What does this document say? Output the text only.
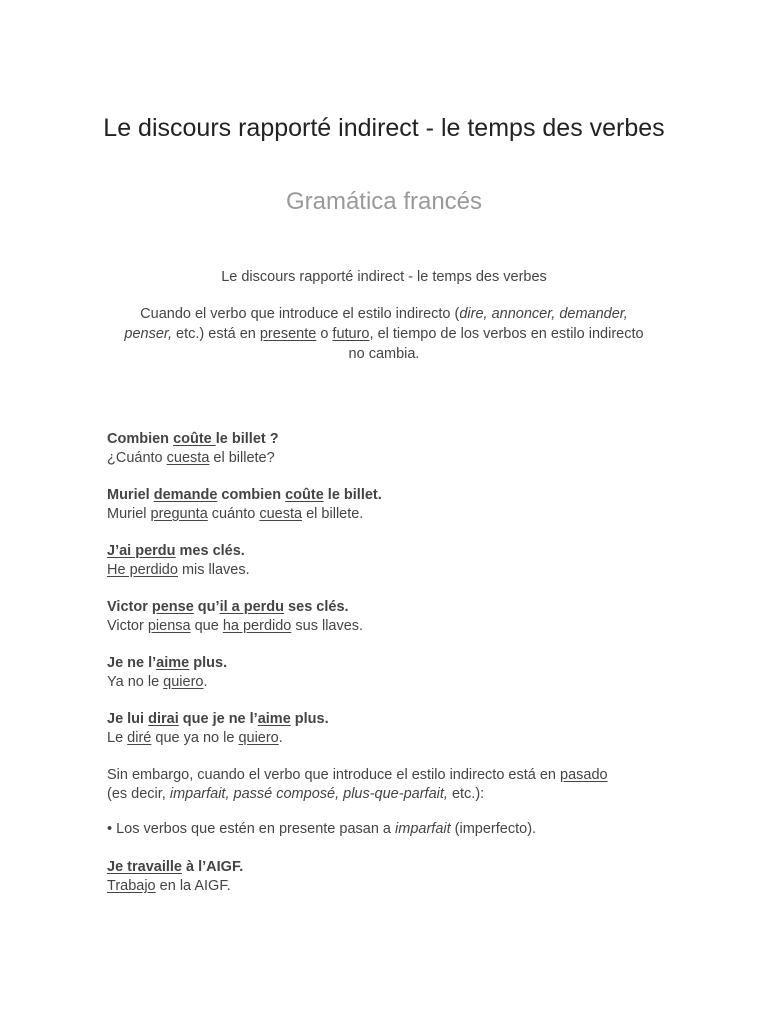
Le discours rapporté indirect - le temps des verbes
Gramática francés
Le discours rapporté indirect - le temps des verbes
Cuando el verbo que introduce el estilo indirecto (dire, annoncer, demander, penser, etc.) está en presente o futuro, el tiempo de los verbos en estilo indirecto no cambia.
Combien coûte le billet ?
¿Cuánto cuesta el billete?
Muriel demande combien coûte le billet.
Muriel pregunta cuánto cuesta el billete.
J’ai perdu mes clés.
He perdido mis llaves.
Victor pense qu’il a perdu ses clés.
Victor piensa que ha perdido sus llaves.
Je ne l’aime plus.
Ya no le quiero.
Je lui dirai que je ne l’aime plus.
Le diré que ya no le quiero.
Sin embargo, cuando el verbo que introduce el estilo indirecto está en pasado (es decir, imparfait, passé composé, plus-que-parfait, etc.):
• Los verbos que estén en presente pasan a imparfait (imperfecto).
Je travaille à l’AIGF.
Trabajo en la AIGF.
